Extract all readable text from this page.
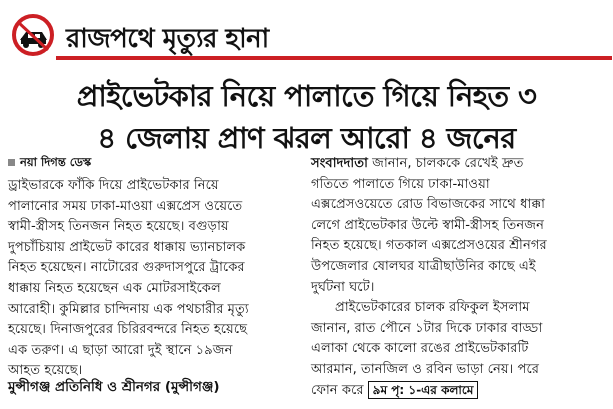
রাজপথে মৃত্যুর হানা
প্রাইভেটকার নিয়ে পালাতে গিয়ে নিহত ৩
৪ জেলায় প্রাণ ঝরল আরো ৪ জনের
নয়া দিগন্ত ডেস্ক

ড্রাইভারকে ফাঁকি দিয়ে প্রাইভেটকার নিয়ে

পালানোর সময় ঢাকা-মাওয়া এক্সপ্রেস ওয়েতে

স্বামী-স্ত্রীসহ তিনজন নিহত হয়েছে। বগুড়ায়

দুপচাঁচিয়ায় প্রাইভেট কারের ধাক্কায় ভ্যানচালক

নিহত হয়েছেন। নাটোরের গুরুদাসপুরে ট্রাকের

ধাক্কায় নিহত হয়েছেন এক মোটরসাইকেল

আরোহী। কুমিল্লার চান্দিনায় এক পথচারীর মৃত্যু

হয়েছে। দিনাজপুরের চিরিরবন্দরে নিহত হয়েছে

এক তরুণ। এ ছাড়া আরো দুই স্থানে ১৯জন

আহত হয়েছে।

মুন্সীগঞ্জ প্রতিনিধি ও শ্রীনগর (মুন্সীগঞ্জ)

সংবাদদাতা জানান, চালককে রেখেই দ্রুত

গতিতে পালাতে গিয়ে ঢাকা-মাওয়া

এক্সপ্রেসওয়েতে রোড বিভাজকের সাথে ধাক্কা

লেগে প্রাইভেটকার উল্টে স্বামী-স্ত্রীসহ তিনজন

নিহত হয়েছে। গতকাল এক্সপ্রেসওয়ের শ্রীনগর

উপজেলার ষোলঘর যাত্রীছাউনির কাছে এই

দুর্ঘটনা ঘটে।

প্রাইভেটকারের চালক রফিকুল ইসলাম

জানান, রাত পৌনে ১টার দিকে ঢাকার বাড্ডা

এলাকা থেকে কালো রঙের প্রাইভেটকারটি

আরমান, তানজিল ও রবিন ভাড়া নেয়। পরে

ফোন করে ৯ম পৃ: ১-এর কলামে
